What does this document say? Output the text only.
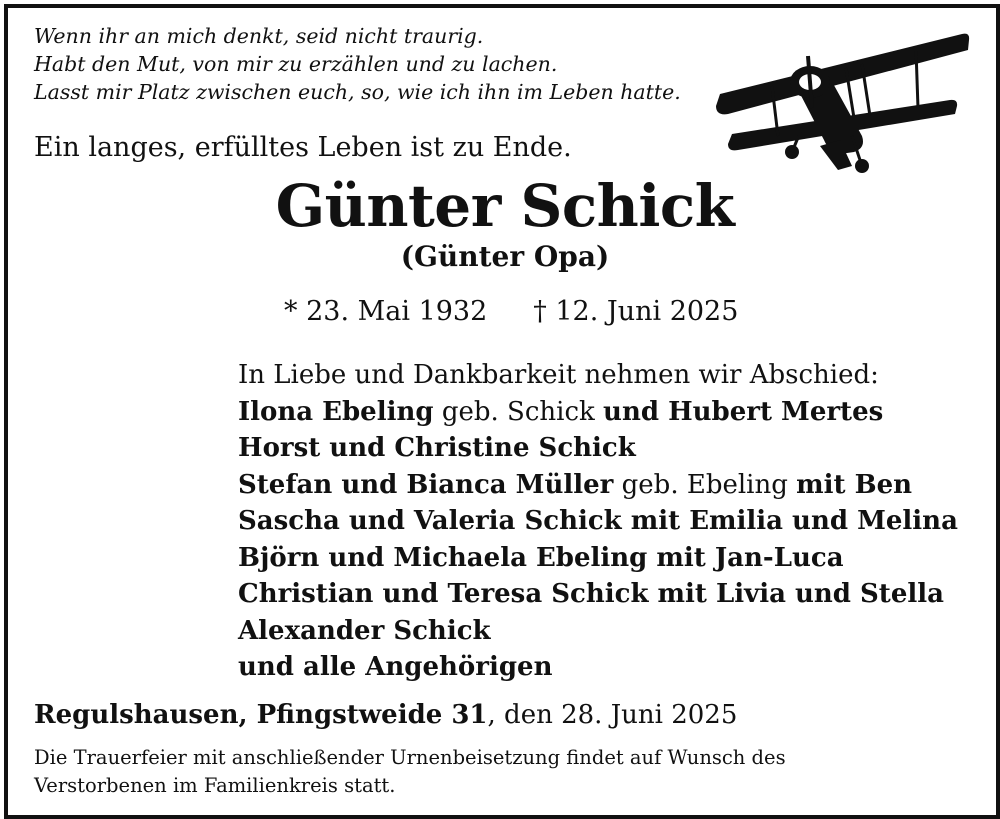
Wenn ihr an mich denkt, seid nicht traurig.
Habt den Mut, von mir zu erzählen und zu lachen.
Lasst mir Platz zwischen euch, so, wie ich ihn im Leben hatte.
Ein langes, erfülltes Leben ist zu Ende.
Günter Schick
(Günter Opa)
* 23. Mai 1932 † 12. Juni 2025
In Liebe und Dankbarkeit nehmen wir Abschied:
Ilona Ebeling geb. Schick und Hubert Mertes
Horst und Christine Schick
Stefan und Bianca Müller geb. Ebeling mit Ben
Sascha und Valeria Schick mit Emilia und Melina
Björn und Michaela Ebeling mit Jan-Luca
Christian und Teresa Schick mit Livia und Stella
Alexander Schick
und alle Angehörigen
Regulshausen, Pfingstweide 31, den 28. Juni 2025
Die Trauerfeier mit anschließender Urnenbeisetzung findet auf Wunsch des
Verstorbenen im Familienkreis statt.
